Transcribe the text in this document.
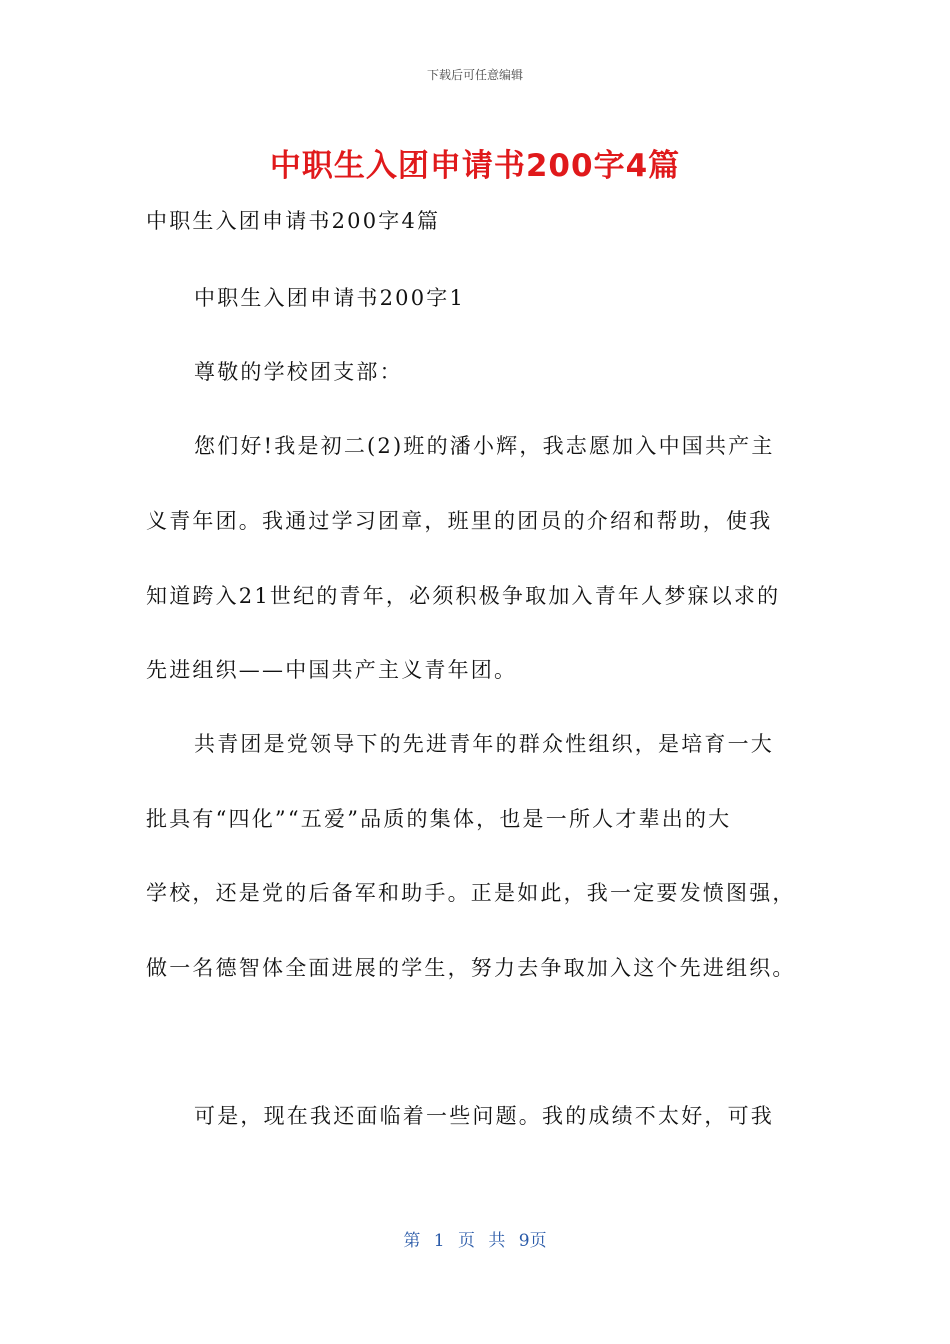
下载后可任意编辑
中职生入团申请书200字4篇
中职生入团申请书200字4篇
中职生入团申请书200字1
尊敬的学校团支部：
您们好!我是初二(2)班的潘小辉，我志愿加入中国共产主
义青年团。我通过学习团章，班里的团员的介绍和帮助，使我
知道跨入21世纪的青年，必须积极争取加入青年人梦寐以求的
先进组织——中国共产主义青年团。
共青团是党领导下的先进青年的群众性组织，是培育一大
批具有“四化”“五爱”品质的集体，也是一所人才辈出的大
学校，还是党的后备军和助手。正是如此，我一定要发愤图强，
做一名德智体全面进展的学生，努力去争取加入这个先进组织。
可是，现在我还面临着一些问题。我的成绩不太好，可我
第 1 页 共 9页
